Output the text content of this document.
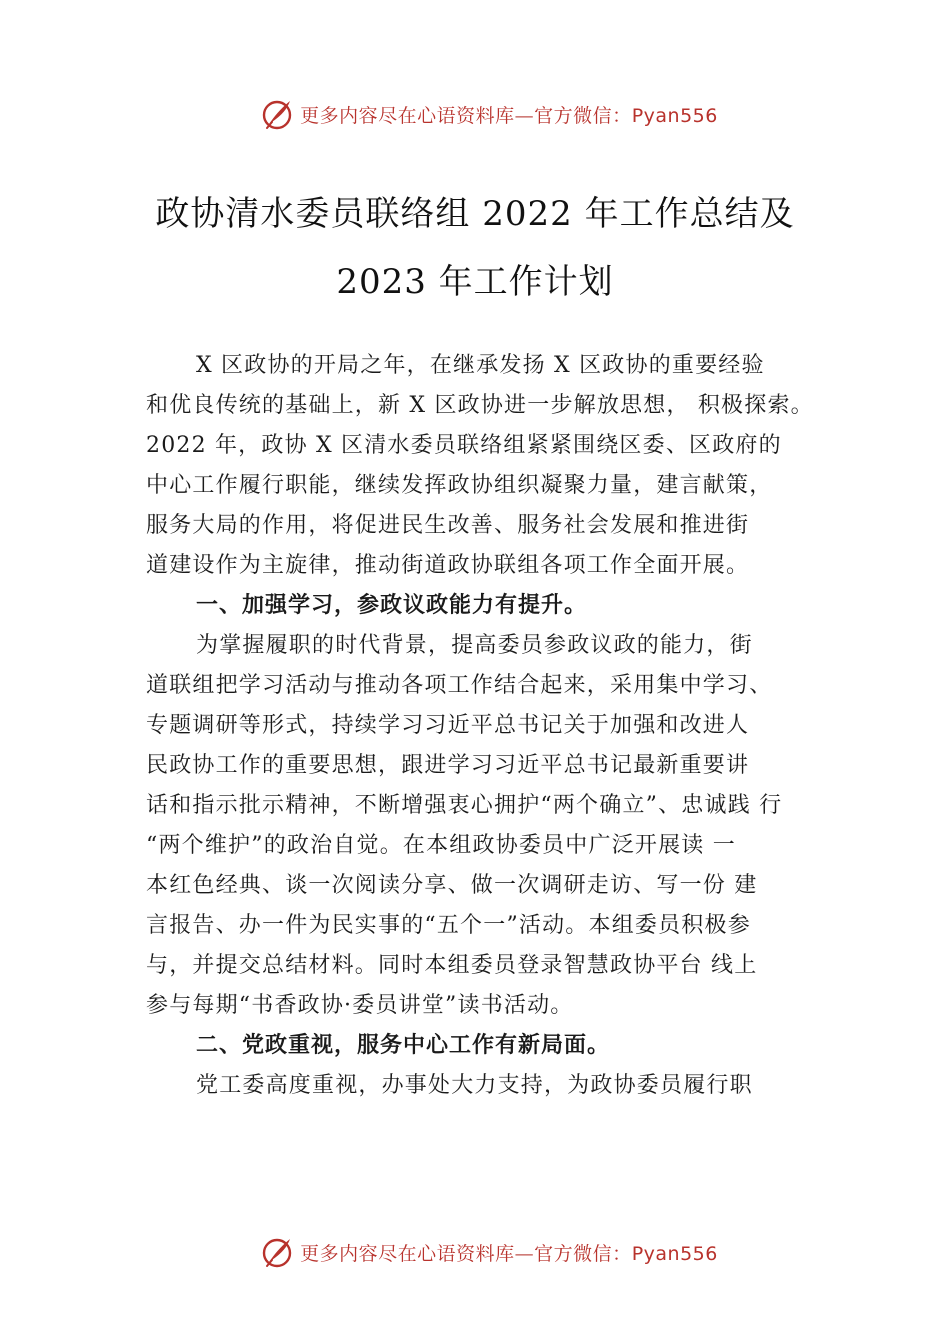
更多内容尽在心语资料库—官方微信：Pyan556
政协清水委员联络组 2022 年工作总结及
2023 年工作计划
X 区政协的开局之年，在继承发扬 X 区政协的重要经验
和优良传统的基础上，新 X 区政协进一步解放思想， 积极探索。
2022 年，政协 X 区清水委员联络组紧紧围绕区委、区政府的
中心工作履行职能，继续发挥政协组织凝聚力量，建言献策，
服务大局的作用，将促进民生改善、服务社会发展和推进街
道建设作为主旋律，推动街道政协联组各项工作全面开展。
一、加强学习，参政议政能力有提升。
为掌握履职的时代背景，提高委员参政议政的能力，街
道联组把学习活动与推动各项工作结合起来，采用集中学习、
专题调研等形式，持续学习习近平总书记关于加强和改进人
民政协工作的重要思想，跟进学习习近平总书记最新重要讲
话和指示批示精神，不断增强衷心拥护“两个确立”、忠诚践 行
“两个维护”的政治自觉。在本组政协委员中广泛开展读 一
本红色经典、谈一次阅读分享、做一次调研走访、写一份 建
言报告、办一件为民实事的“五个一”活动。本组委员积极参
与，并提交总结材料。同时本组委员登录智慧政协平台 线上
参与每期“书香政协·委员讲堂”读书活动。
二、党政重视，服务中心工作有新局面。
党工委高度重视，办事处大力支持，为政协委员履行职
更多内容尽在心语资料库—官方微信：Pyan556
